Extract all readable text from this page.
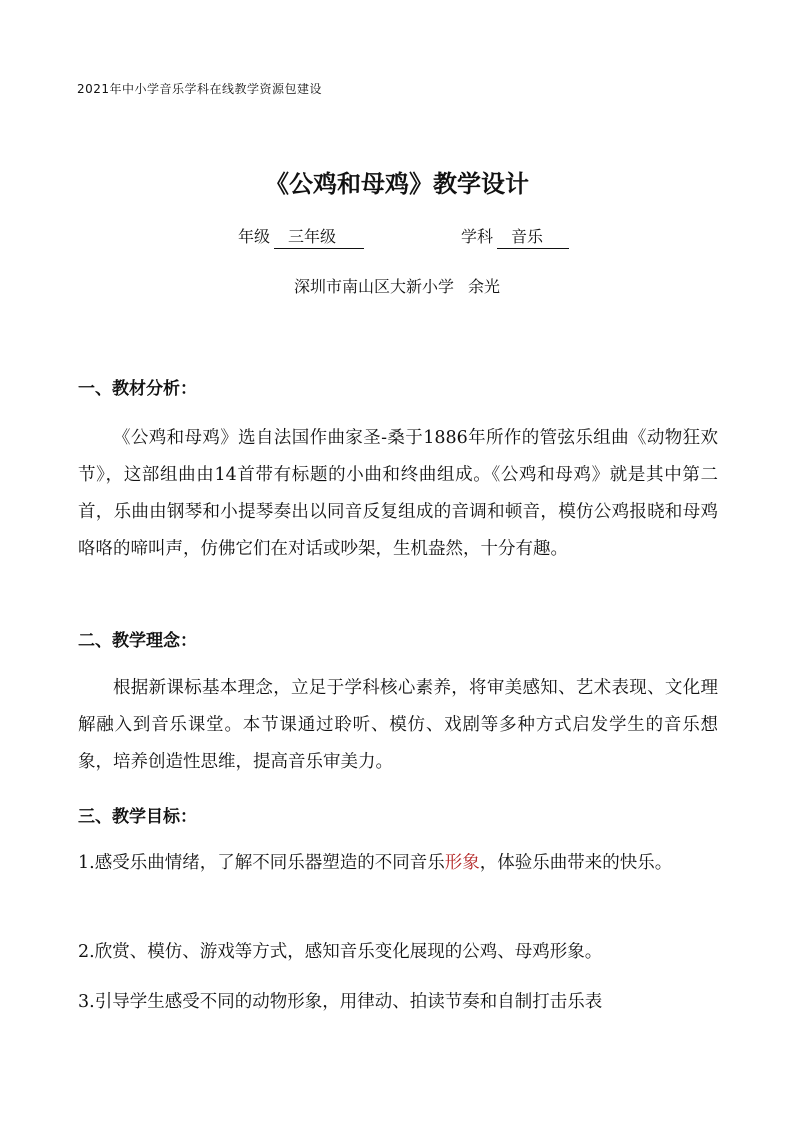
2021年中小学音乐学科在线教学资源包建设
《公鸡和母鸡》教学设计
年级 三年级	学科 音乐
深圳市南山区大新小学 余光
一、教材分析：

《公鸡和母鸡》选自法国作曲家圣-桑于1886年所作的管弦乐组曲《动物狂欢节》，这部组曲由14首带有标题的小曲和终曲组成。《公鸡和母鸡》就是其中第二首，乐曲由钢琴和小提琴奏出以同音反复组成的音调和顿音，模仿公鸡报晓和母鸡咯咯的啼叫声，仿佛它们在对话或吵架，生机盎然，十分有趣。

二、教学理念：

根据新课标基本理念，立足于学科核心素养，将审美感知、艺术表现、文化理解融入到音乐课堂。本节课通过聆听、模仿、戏剧等多种方式启发学生的音乐想象，培养创造性思维，提高音乐审美力。

三、教学目标：

1.感受乐曲情绪，了解不同乐器塑造的不同音乐形象，体验乐曲带来的快乐。

2.欣赏、模仿、游戏等方式，感知音乐变化展现的公鸡、母鸡形象。

3.引导学生感受不同的动物形象，用律动、拍读节奏和自制打击乐表
